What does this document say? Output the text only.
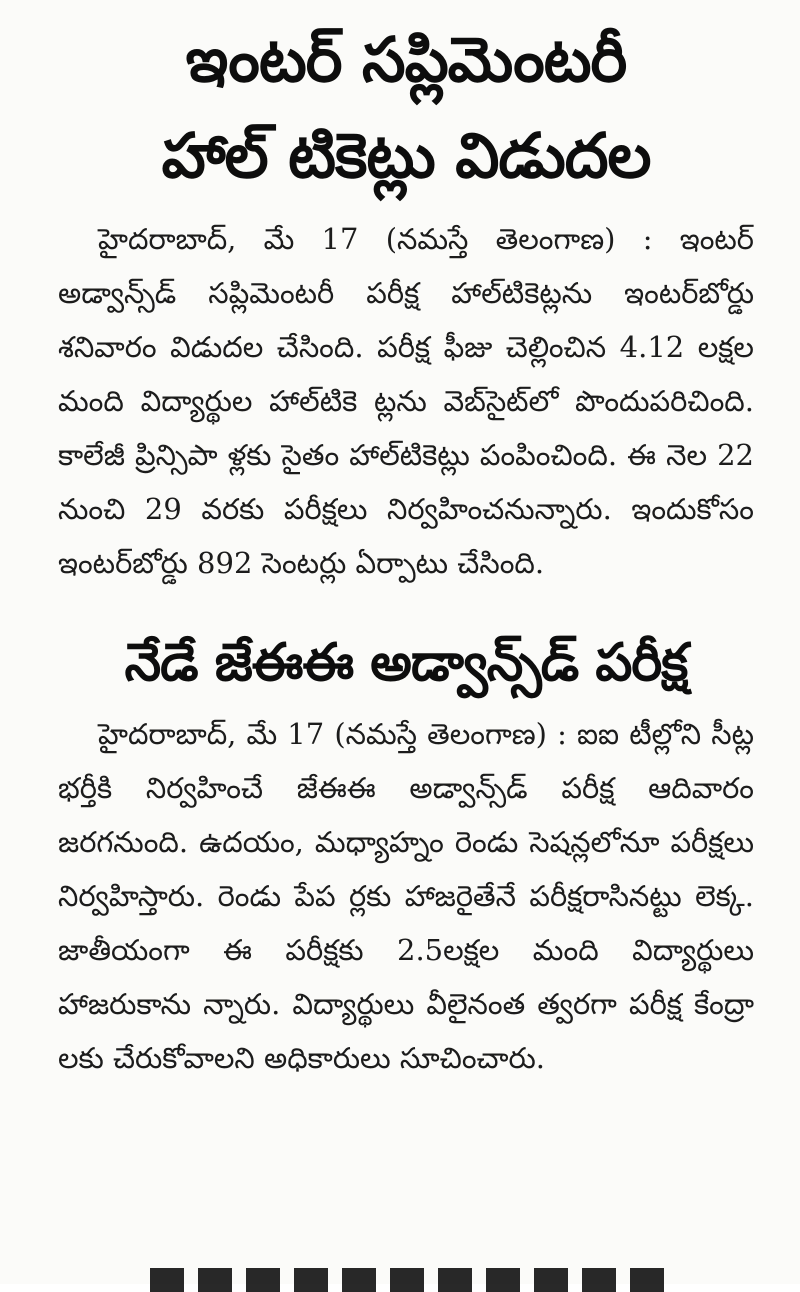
ఇంటర్ సప్లిమెంటరీ
హాల్ టికెట్లు విడుదల

హైదరాబాద్, మే 17 (నమస్తే తెలంగాణ) : ఇంటర్ అడ్వాన్స్‌డ్ సప్లిమెంటరీ పరీక్ష హాల్‌టికెట్లను ఇంటర్‌బోర్డు శనివారం విడుదల చేసింది. పరీక్ష ఫీజు చెల్లించిన 4.12 లక్షల మంది విద్యార్థుల హాల్‌టికె ట్లను వెబ్‌సైట్‌లో పొందుపరిచింది. కాలేజీ ప్రిన్సిపా ళ్లకు సైతం హాల్‌టికెట్లు పంపించింది. ఈ నెల 22 నుంచి 29 వరకు పరీక్షలు నిర్వహించనున్నారు. ఇందుకోసం ఇంటర్‌బోర్డు 892 సెంటర్లు ఏర్పాటు చేసింది.

నేడే జేఈఈ అడ్వాన్స్‌డ్ పరీక్ష

హైదరాబాద్, మే 17 (నమస్తే తెలంగాణ) : ఐఐ టీల్లోని సీట్ల భర్తీకి నిర్వహించే జేఈఈ అడ్వాన్స్‌డ్ పరీక్ష ఆదివారం జరగనుంది. ఉదయం, మధ్యాహ్నం రెండు సెషన్లలోనూ పరీక్షలు నిర్వహిస్తారు. రెండు పేప ర్లకు హాజరైతేనే పరీక్షరాసినట్టు లెక్క. జాతీయంగా ఈ పరీక్షకు 2.5లక్షల మంది విద్యార్థులు హాజరుకాను న్నారు. విద్యార్థులు వీలైనంత త్వరగా పరీక్ష కేంద్రా లకు చేరుకోవాలని అధికారులు సూచించారు.
